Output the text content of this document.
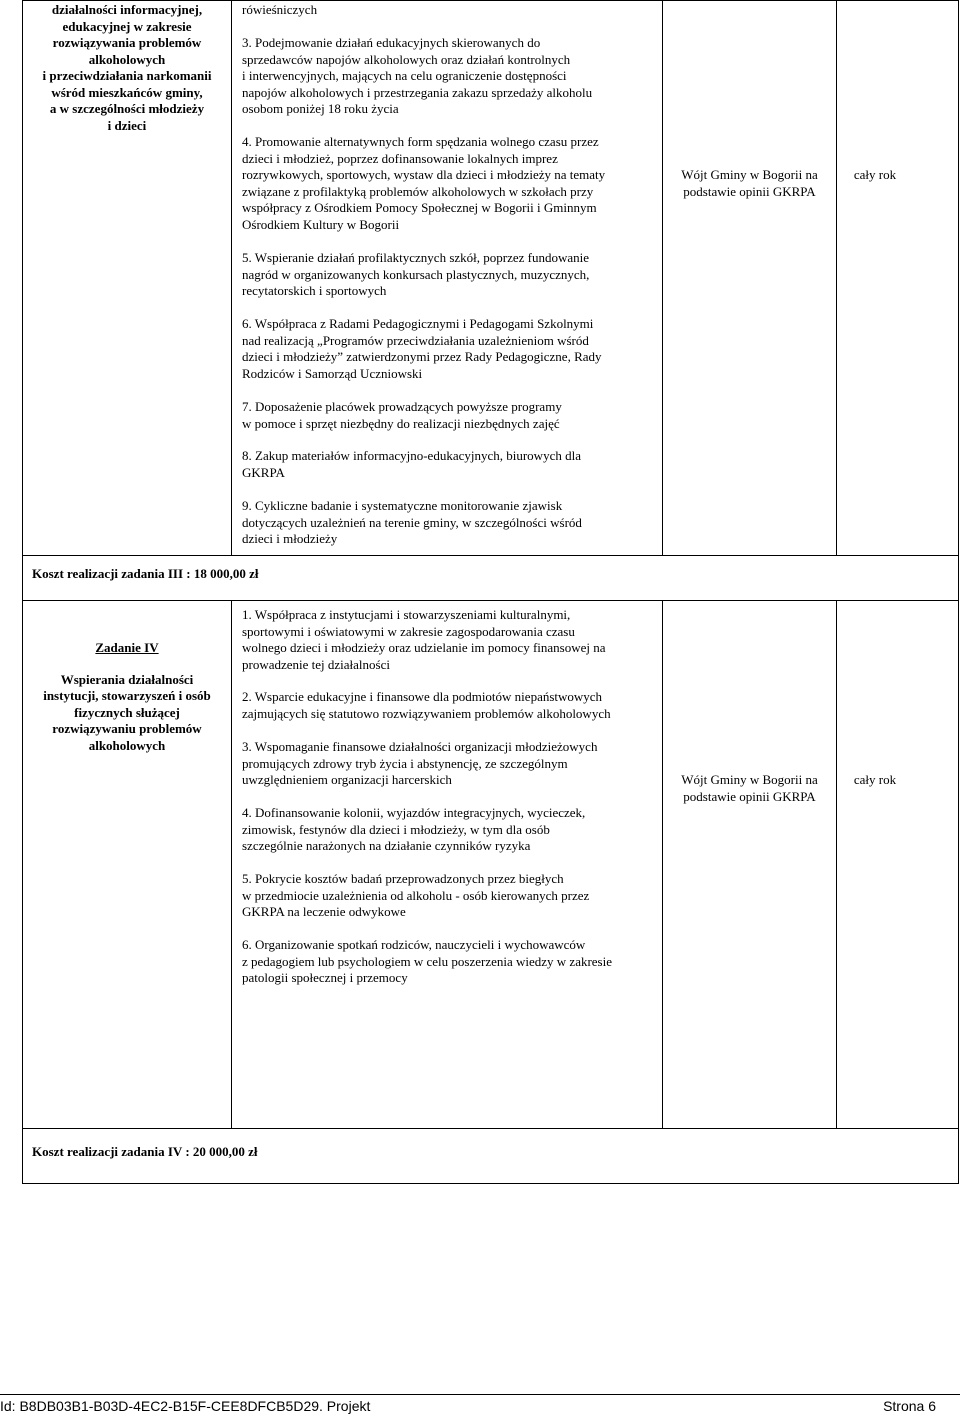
działalności informacyjnej,
edukacyjnej w zakresie
rozwiązywania problemów
alkoholowych
i przeciwdziałania narkomanii
wśród mieszkańców gminy,
a w szczególności młodzieży
i dzieci
rówieśniczych
3. Podejmowanie działań edukacyjnych skierowanych do
sprzedawców napojów alkoholowych oraz działań kontrolnych
i interwencyjnych, mających na celu ograniczenie dostępności
napojów alkoholowych i przestrzegania zakazu sprzedaży alkoholu
osobom poniżej 18 roku życia
4. Promowanie alternatywnych form spędzania wolnego czasu przez
dzieci i młodzież, poprzez dofinansowanie lokalnych imprez
rozrywkowych, sportowych, wystaw dla dzieci i młodzieży na tematy
związane z profilaktyką problemów alkoholowych w szkołach przy
współpracy z Ośrodkiem Pomocy Społecznej w Bogorii i Gminnym
Ośrodkiem Kultury w Bogorii
5. Wspieranie działań profilaktycznych szkół, poprzez fundowanie
nagród w organizowanych konkursach plastycznych, muzycznych,
recytatorskich i sportowych
6. Współpraca z Radami Pedagogicznymi i Pedagogami Szkolnymi
nad realizacją „Programów przeciwdziałania uzależnieniom wśród
dzieci i młodzieży” zatwierdzonymi przez Rady Pedagogiczne, Rady
Rodziców i Samorząd Uczniowski
7. Doposażenie placówek prowadzących powyższe programy
w pomoce i sprzęt niezbędny do realizacji niezbędnych zajęć
8. Zakup materiałów informacyjno-edukacyjnych, biurowych dla
GKRPA
9. Cykliczne badanie i systematyczne monitorowanie zjawisk
dotyczących uzależnień na terenie gminy, w szczególności wśród
dzieci i młodzieży
Wójt Gminy w Bogorii na
podstawie opinii GKRPA
cały rok
Koszt realizacji zadania III : 18 000,00 zł
Zadanie IV
Wspierania działalności
instytucji, stowarzyszeń i osób
fizycznych służącej
rozwiązywaniu problemów
alkoholowych
1. Współpraca z instytucjami i stowarzyszeniami kulturalnymi,
sportowymi i oświatowymi w zakresie zagospodarowania czasu
wolnego dzieci i młodzieży oraz udzielanie im pomocy finansowej na
prowadzenie tej działalności
2. Wsparcie edukacyjne i finansowe dla podmiotów niepaństwowych
zajmujących się statutowo rozwiązywaniem problemów alkoholowych
3. Wspomaganie finansowe działalności organizacji młodzieżowych
promujących zdrowy tryb życia i abstynencję, ze szczególnym
uwzględnieniem organizacji harcerskich
4. Dofinansowanie kolonii, wyjazdów integracyjnych, wycieczek,
zimowisk, festynów dla dzieci i młodzieży, w tym dla osób
szczególnie narażonych na działanie czynników ryzyka
5. Pokrycie kosztów badań przeprowadzonych przez biegłych
w przedmiocie uzależnienia od alkoholu - osób kierowanych przez
GKRPA na leczenie odwykowe
6. Organizowanie spotkań rodziców, nauczycieli i wychowawców
z pedagogiem lub psychologiem w celu poszerzenia wiedzy w zakresie
patologii społecznej i przemocy
Wójt Gminy w Bogorii na
podstawie opinii GKRPA
cały rok
Koszt realizacji zadania IV : 20 000,00 zł
Id: B8DB03B1-B03D-4EC2-B15F-CEE8DFCB5D29. Projekt	Strona 6
